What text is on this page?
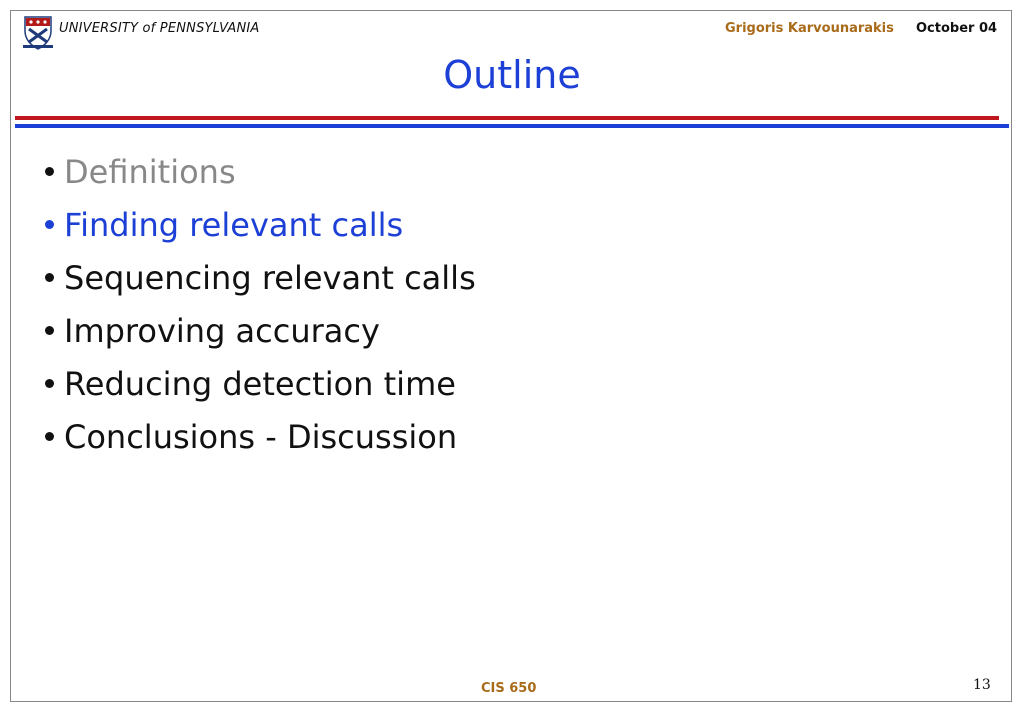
UNIVERSITY of PENNSYLVANIA	Grigoris Karvounarakis October 04
Outline
Definitions
Finding relevant calls
Sequencing relevant calls
Improving accuracy
Reducing detection time
Conclusions - Discussion
CIS 650	13
